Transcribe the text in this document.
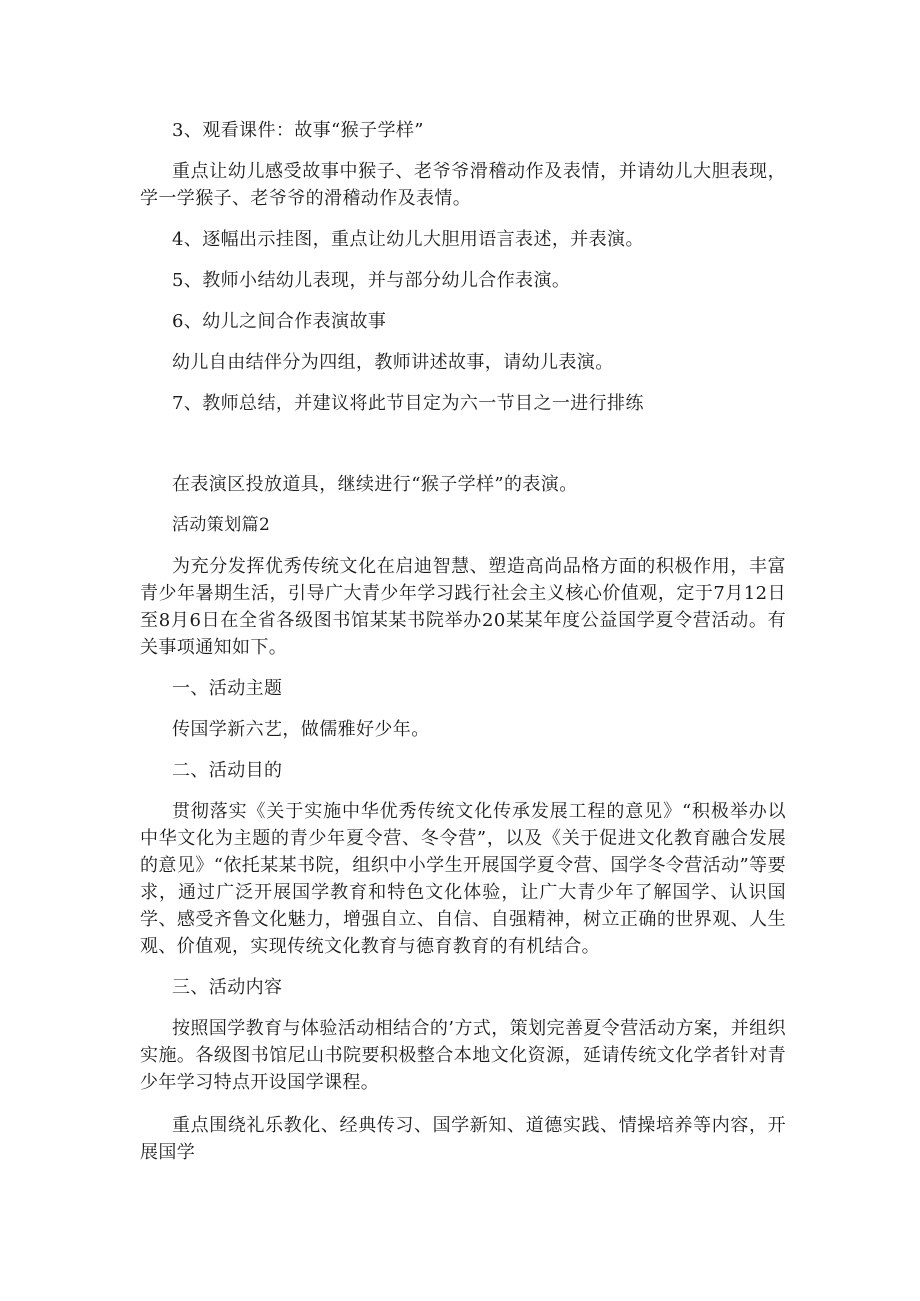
3、观看课件：故事“猴子学样”

重点让幼儿感受故事中猴子、老爷爷滑稽动作及表情，并请幼儿大胆表现，学一学猴子、老爷爷的滑稽动作及表情。

4、逐幅出示挂图，重点让幼儿大胆用语言表述，并表演。

5、教师小结幼儿表现，并与部分幼儿合作表演。

6、幼儿之间合作表演故事

幼儿自由结伴分为四组，教师讲述故事，请幼儿表演。

7、教师总结，并建议将此节目定为六一节目之一进行排练

在表演区投放道具，继续进行“猴子学样”的表演。

活动策划篇2

为充分发挥优秀传统文化在启迪智慧、塑造高尚品格方面的积极作用，丰富青少年暑期生活，引导广大青少年学习践行社会主义核心价值观，定于7月12日至8月6日在全省各级图书馆某某书院举办20某某年度公益国学夏令营活动。有关事项通知如下。

一、活动主题

传国学新六艺，做儒雅好少年。

二、活动目的

贯彻落实《关于实施中华优秀传统文化传承发展工程的意见》“积极举办以中华文化为主题的青少年夏令营、冬令营”，以及《关于促进文化教育融合发展的意见》“依托某某书院，组织中小学生开展国学夏令营、国学冬令营活动”等要求，通过广泛开展国学教育和特色文化体验，让广大青少年了解国学、认识国学、感受齐鲁文化魅力，增强自立、自信、自强精神，树立正确的世界观、人生观、价值观，实现传统文化教育与德育教育的有机结合。

三、活动内容

按照国学教育与体验活动相结合的’方式，策划完善夏令营活动方案，并组织实施。各级图书馆尼山书院要积极整合本地文化资源，延请传统文化学者针对青少年学习特点开设国学课程。

重点围绕礼乐教化、经典传习、国学新知、道德实践、情操培养等内容，开展国学
